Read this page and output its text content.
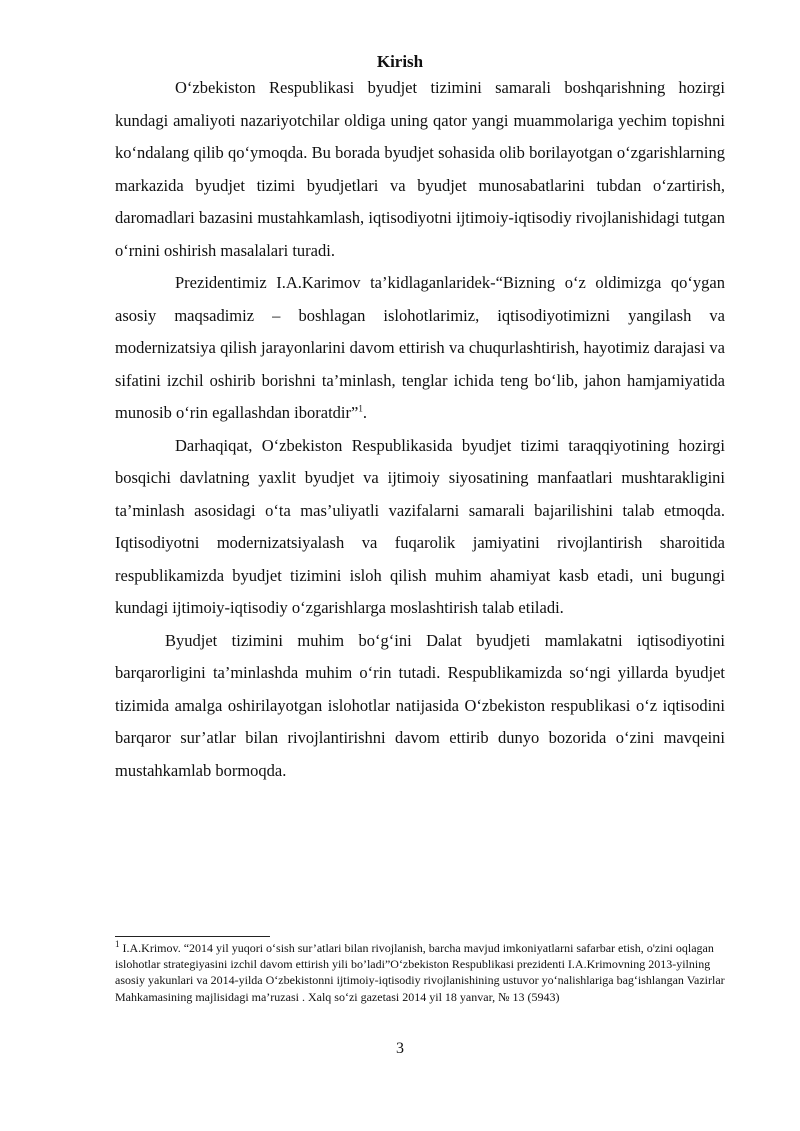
Kirish

O‘zbekiston Respublikasi byudjet tizimini samarali boshqarishning hozirgi kundagi amaliyoti nazariyotchilar oldiga uning qator yangi muammolariga yechim topishni ko‘ndalang qilib qo‘ymoqda. Bu borada byudjet sohasida olib borilayotgan o‘zgarishlarning markazida byudjet tizimi byudjetlari va byudjet munosabatlarini tubdan o‘zartirish, daromadlari bazasini mustahkamlash, iqtisodiyotni ijtimoiy-iqtisodiy rivojlanishidagi tutgan o‘rnini oshirish masalalari turadi.

Prezidentimiz I.A.Karimov ta’kidlaganlaridek-“Bizning o‘z oldimizga qo‘ygan asosiy maqsadimiz – boshlagan islohotlarimiz, iqtisodiyotimizni yangilash va modernizatsiya qilish jarayonlarini davom ettirish va chuqurlashtirish, hayotimiz darajasi va sifatini izchil oshirib borishni ta’minlash, tenglar ichida teng bo‘lib, jahon hamjamiyatida munosib o‘rin egallashdan iboratdir”$^1$.

Darhaqiqat, O‘zbekiston Respublikasida byudjet tizimi taraqqiyotining hozirgi bosqichi davlatning yaxlit byudjet va ijtimoiy siyosatining manfaatlari mushtarakligini ta’minlash asosidagi o‘ta mas’uliyatli vazifalarni samarali bajarilishini talab etmoqda. Iqtisodiyotni modernizatsiyalash va fuqarolik jamiyatini rivojlantirish sharoitida respublikamizda byudjet tizimini isloh qilish muhim ahamiyat kasb etadi, uni bugungi kundagi ijtimoiy-iqtisodiy o‘zgarishlarga moslashtirish talab etiladi.

Byudjet tizimini muhim bo‘g‘ini Dalat byudjeti mamlakatni iqtisodiyotini barqarorligini ta’minlashda muhim o‘rin tutadi. Respublikamizda so‘ngi yillarda byudjet tizimida amalga oshirilayotgan islohotlar natijasida O‘zbekiston respublikasi o‘z iqtisodini barqaror sur’atlar bilan rivojlantirishni davom ettirib dunyo bozorida o‘zini mavqeini mustahkamlab bormoqda.

$^1$ I.A.Krimov. “2014 yil yuqori o‘sish sur’atlari bilan rivojlanish, barcha mavjud imkoniyatlarni safarbar etish, o'zini oqlagan islohotlar strategiyasini izchil davom ettirish yili bo’ladi”O‘zbekiston Respublikasi prezidenti I.A.Krimovning 2013-yilning asosiy yakunlari va 2014-yilda O‘zbekistonni ijtimoiy-iqtisodiy rivojlanishining ustuvor yo‘nalishlariga bag‘ishlangan Vazirlar Mahkamasining majlisidagi ma’ruzasi . Xalq so‘zi gazetasi 2014 yil 18 yanvar, № 13 (5943)
3
